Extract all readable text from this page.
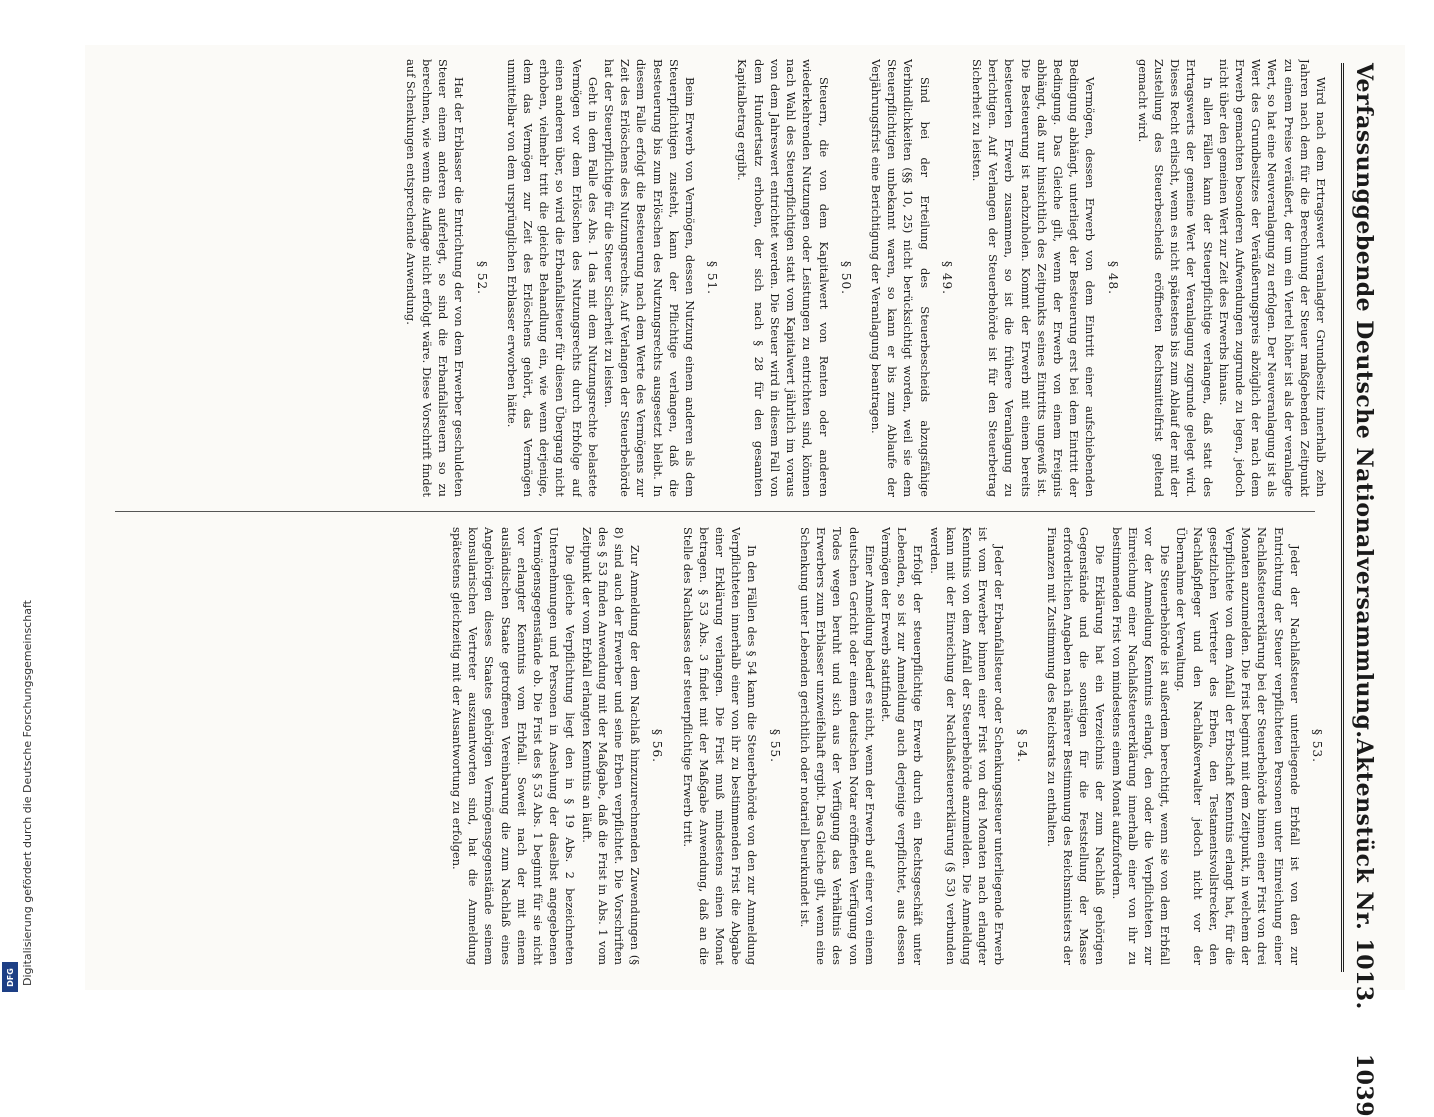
Digitalisierung gefördert durch die Deutsche Forschungsgemeinschaft
DFG
Verfassunggebende Deutsche Nationalversammlung.
Aktenstück Nr. 1013.
1039

Wird nach dem Ertragswert veranlagter Grundbesitz innerhalb zehn Jahren nach dem für die Berechnung der Steuer maßgebenden Zeitpunkt zu einem Preise veräußert, der um ein Viertel höher ist als der veranlagte Wert, so hat eine Neuveranlagung zu erfolgen. Der Neuveranlagung ist als Wert des Grundbesitzes der Veräußerungspreis abzüglich der nach dem Erwerb gemachten besonderen Aufwendungen zugrunde zu legen, jedoch nicht über den gemeinen Wert zur Zeit des Erwerbs hinaus.

In allen Fällen kann der Steuerpflichtige verlangen, daß statt des Ertragswerts der gemeine Wert der Veranlagung zugrunde gelegt wird. Dieses Recht erlischt, wenn es nicht spätestens bis zum Ablauf der mit der Zustellung des Steuerbescheids eröffneten Rechtsmittelfrist geltend gemacht wird.

§ 48.

Vermögen, dessen Erwerb von dem Eintritt einer aufschiebenden Bedingung abhängt, unterliegt der Besteuerung erst bei dem Eintritt der Bedingung. Das Gleiche gilt, wenn der Erwerb von einem Ereignis abhängt, daß nur hinsichtlich des Zeitpunkts seines Eintritts ungewiß ist. Die Besteuerung ist nachzuholen. Kommt der Erwerb mit einem bereits besteuerten Erwerb zusammen, so ist die frühere Veranlagung zu berichtigen. Auf Verlangen der Steuerbehörde ist für den Steuerbetrag Sicherheit zu leisten.

§ 49.

Sind bei der Erteilung des Steuerbescheids abzugsfähige Verbindlichkeiten (§§ 10, 25) nicht berücksichtigt worden, weil sie dem Steuerpflichtigen unbekannt waren, so kann er bis zum Ablaufe der Verjährungsfrist eine Berichtigung der Veranlagung beantragen.

§ 50.

Steuern, die von dem Kapitalwert von Renten oder anderen wiederkehrenden Nutzungen oder Leistungen zu entrichten sind, können nach Wahl des Steuerpflichtigen statt vom Kapitalwert jährlich im voraus von dem Jahreswert entrichtet werden. Die Steuer wird in diesem Fall von dem Hundertsatz erhoben, der sich nach § 28 für den gesamten Kapitalbetrag ergibt.

§ 51.

Beim Erwerb von Vermögen, dessen Nutzung einem anderen als dem Steuerpflichtigen zusteht, kann der Pflichtige verlangen, daß die Besteuerung bis zum Erlöschen des Nutzungsrechts ausgesetzt bleibt. In diesem Falle erfolgt die Besteuerung nach dem Werte des Vermögens zur Zeit des Erlöschens des Nutzungsrechts. Auf Verlangen der Steuerbehörde hat der Steuerpflichtige für die Steuer Sicherheit zu leisten.

Geht in dem Falle des Abs. 1 das mit dem Nutzungsrechte belastete Vermögen vor dem Erlöschen des Nutzungsrechts durch Erbfolge auf einen anderen über, so wird die Erbanfallsteuer für diesen Übergang nicht erhoben, vielmehr tritt die gleiche Behandlung ein, wie wenn derjenige, dem das Vermögen zur Zeit des Erlöschens gehört, das Vermögen unmittelbar von dem ursprünglichen Erblasser erworben hätte.

§ 52.

Hat der Erblasser die Entrichtung der von dem Erwerber geschuldeten Steuer einem anderen auferlegt, so sind die Erbanfallsteuern so zu berechnen, wie wenn die Auflage nicht erfolgt wäre. Diese Vorschrift findet auf Schenkungen entsprechende Anwendung.

§ 53.

Jeder der Nachlaßsteuer unterliegende Erbfall ist von den zur Entrichtung der Steuer verpflichteten Personen unter Einreichung einer Nachlaßsteuererklärung bei der Steuerbehörde binnen einer Frist von drei Monaten anzumelden. Die Frist beginnt mit dem Zeitpunkt, in welchem der Verpflichtete von dem Anfall der Erbschaft Kenntnis erlangt hat, für die gesetzlichen Vertreter des Erben, den Testamentsvollstrecker, den Nachlaßpfleger und den Nachlaßverwalter jedoch nicht vor der Übernahme der Verwaltung.

Die Steuerbehörde ist außerdem berechtigt, wenn sie von dem Erbfall vor der Anmeldung Kenntnis erlangt, den oder die Verpflichteten zur Einreichung einer Nachlaßsteuererklärung innerhalb einer von ihr zu bestimmenden Frist von mindestens einem Monat aufzufordern.

Die Erklärung hat ein Verzeichnis der zum Nachlaß gehörigen Gegenstände und die sonstigen für die Feststellung der Masse erforderlichen Angaben nach näherer Bestimmung des Reichsministers der Finanzen mit Zustimmung des Reichsrats zu enthalten.

§ 54.

Jeder der Erbanfallsteuer oder Schenkungssteuer unterliegende Erwerb ist vom Erwerber binnen einer Frist von drei Monaten nach erlangter Kenntnis von dem Anfall der Steuerbehörde anzumelden. Die Anmeldung kann mit der Einreichung der Nachlaßsteuererklärung (§ 53) verbunden werden.

Erfolgt der steuerpflichtige Erwerb durch ein Rechtsgeschäft unter Lebenden, so ist zur Anmeldung auch derjenige verpflichtet, aus dessen Vermögen der Erwerb stattfindet.

Einer Anmeldung bedarf es nicht, wenn der Erwerb auf einer von einem deutschen Gericht oder einem deutschen Notar eröffneten Verfügung von Todes wegen beruht und sich aus der Verfügung das Verhältnis des Erwerbers zum Erblasser unzweifelhaft ergibt. Das Gleiche gilt, wenn eine Schenkung unter Lebenden gerichtlich oder notariell beurkundet ist.

§ 55.

In den Fällen des § 54 kann die Steuerbehörde von den zur Anmeldung Verpflichteten innerhalb einer von ihr zu bestimmenden Frist die Abgabe einer Erklärung verlangen. Die Frist muß mindestens einen Monat betragen. § 53 Abs. 3 findet mit der Maßgabe Anwendung, daß an die Stelle des Nachlasses der steuerpflichtige Erwerb tritt.

§ 56.

Zur Anmeldung der dem Nachlaß hinzuzurechnenden Zuwendungen (§ 8) sind auch der Erwerber und seine Erben verpflichtet. Die Vorschriften des § 53 finden Anwendung mit der Maßgabe, daß die Frist in Abs. 1 vom Zeitpunkt der vom Erbfall erlangten Kenntnis an läuft.

Die gleiche Verpflichtung liegt den in § 19 Abs. 2 bezeichneten Unternehmungen und Personen in Ansehung der daselbst angegebenen Vermögensgegenstände ob. Die Frist des § 53 Abs. 1 beginnt für sie nicht vor erlangter Kenntnis vom Erbfall. Soweit nach der mit einem ausländischen Staate getroffenen Vereinbarung die zum Nachlaß eines Angehörigen dieses Staates gehörigen Vermögensgegenstände seinem konsularischen Vertreter auszuantworten sind, hat die Anmeldung spätestens gleichzeitig mit der Ausantwortung zu erfolgen.
